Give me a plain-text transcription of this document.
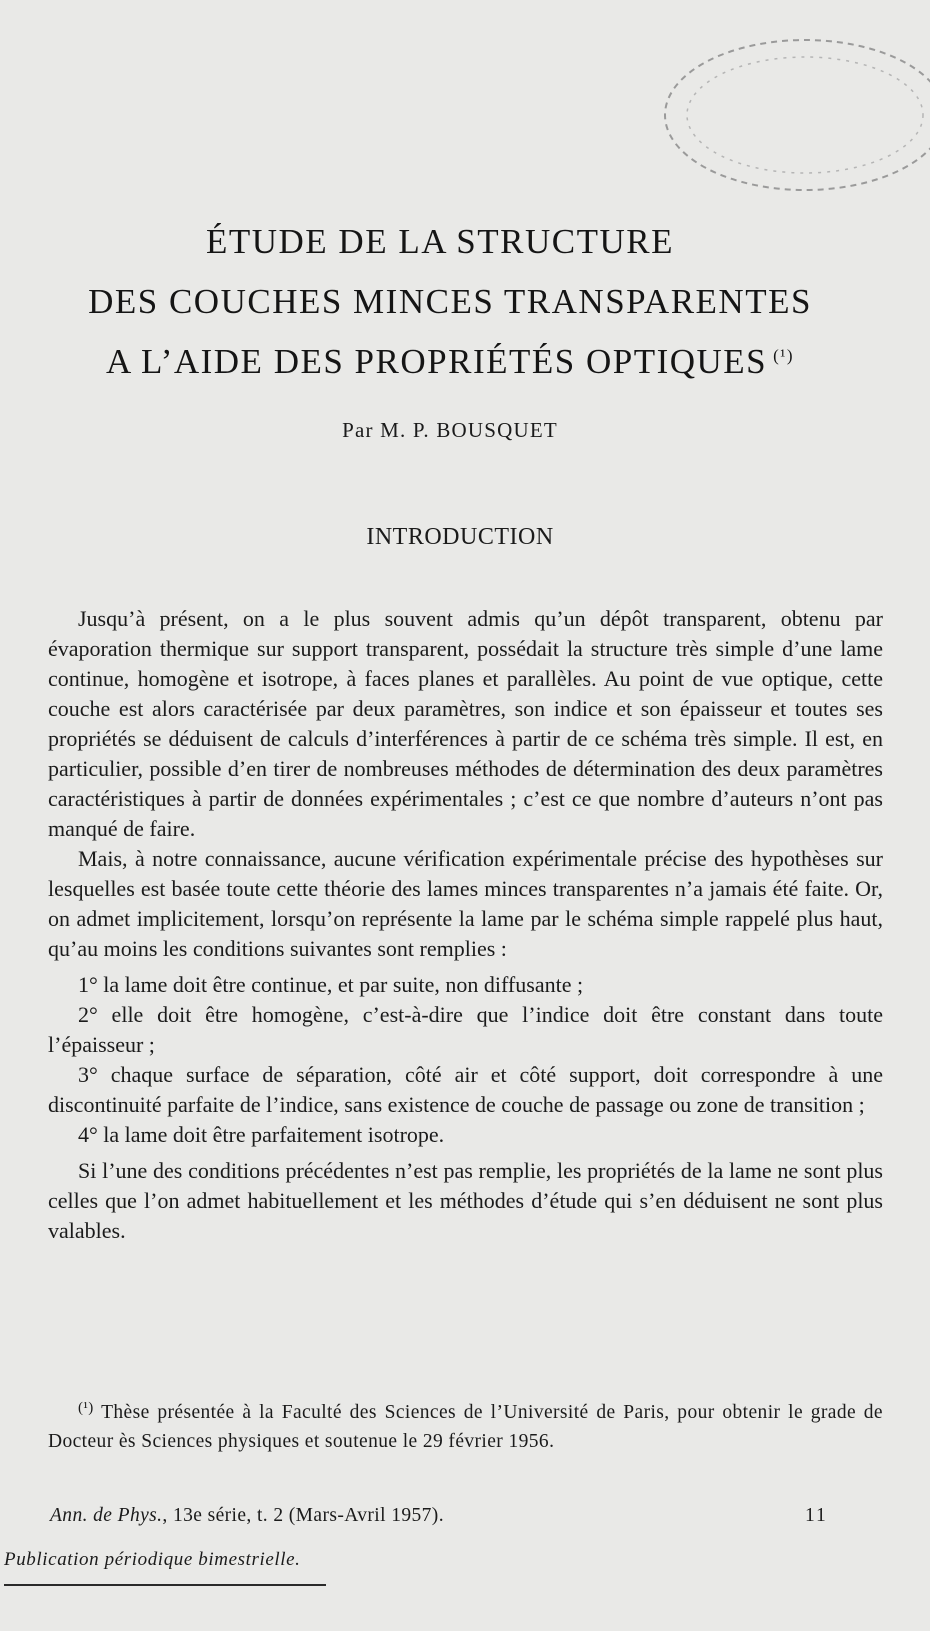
ÉTUDE DE LA STRUCTURE
DES COUCHES MINCES TRANSPARENTES
A L’AIDE DES PROPRIÉTÉS OPTIQUES $^{(^1)}$
Par M. P. BOUSQUET
INTRODUCTION

Jusqu’à présent, on a le plus souvent admis qu’un dépôt transparent, obtenu par évaporation thermique sur support transparent, possédait la structure très simple d’une lame continue, homogène et isotrope, à faces planes et parallèles. Au point de vue optique, cette couche est alors caractérisée par deux paramètres, son indice et son épaisseur et toutes ses propriétés se déduisent de calculs d’interférences à partir de ce schéma très simple. Il est, en particulier, possible d’en tirer de nombreuses méthodes de détermination des deux paramètres caractéristiques à partir de données expérimentales ; c’est ce que nombre d’auteurs n’ont pas manqué de faire.

Mais, à notre connaissance, aucune vérification expérimentale précise des hypothèses sur lesquelles est basée toute cette théorie des lames minces transparentes n’a jamais été faite. Or, on admet implicitement, lorsqu’on représente la lame par le schéma simple rappelé plus haut, qu’au moins les conditions suivantes sont remplies :

1° la lame doit être continue, et par suite, non diffusante ;

2° elle doit être homogène, c’est-à-dire que l’indice doit être constant dans toute l’épaisseur ;

3° chaque surface de séparation, côté air et côté support, doit correspondre à une discontinuité parfaite de l’indice, sans existence de couche de passage ou zone de transition ;

4° la lame doit être parfaitement isotrope.

Si l’une des conditions précédentes n’est pas remplie, les propriétés de la lame ne sont plus celles que l’on admet habituellement et les méthodes d’étude qui s’en déduisent ne sont plus valables.

$^{(^1)}$ Thèse présentée à la Faculté des Sciences de l’Université de Paris, pour obtenir le grade de Docteur ès Sciences physiques et soutenue le 29 février 1956.
Ann. de Phys., 13e série, t. 2 (Mars-Avril 1957).	11
Publication périodique bimestrielle.
